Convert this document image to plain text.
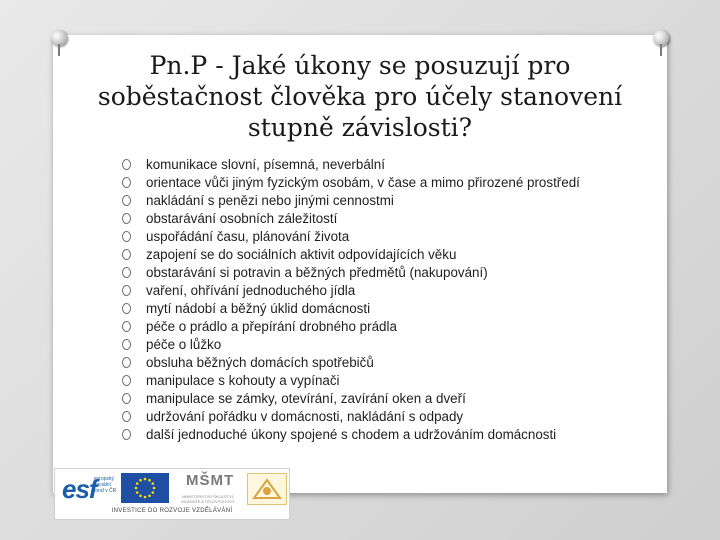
Pn.P - Jaké úkony se posuzují pro soběstačnost člověka pro účely stanovení stupně závislosti?
komunikace slovní, písemná, neverbální
orientace vůči jiným fyzickým osobám, v čase a mimo přirozené prostředí
nakládání s penězi nebo jinými cennostmi
obstarávání osobních záležitostí
uspořádání času, plánování života
zapojení se do sociálních aktivit odpovídajících věku
obstarávání si potravin a běžných předmětů (nakupování)
vaření, ohřívání jednoduchého jídla
mytí nádobí a běžný úklid domácnosti
péče o prádlo a přepírání drobného prádla
péče o lůžko
obsluha běžných domácích spotřebičů
manipulace s kohouty a vypínači
manipulace se zámky, otevírání, zavírání oken a dveří
udržování pořádku v domácnosti, nakládání s odpady
další jednoduché úkony spojené s chodem a udržováním domácnosti
esf
evropský sociální fond v ČR
MŠMT
MINISTERSTVO ŠKOLSTVÍ, MLÁDEŽE A TĚLOVÝCHOVY
INVESTICE DO ROZVOJE VZDĚLÁVÁNÍ
